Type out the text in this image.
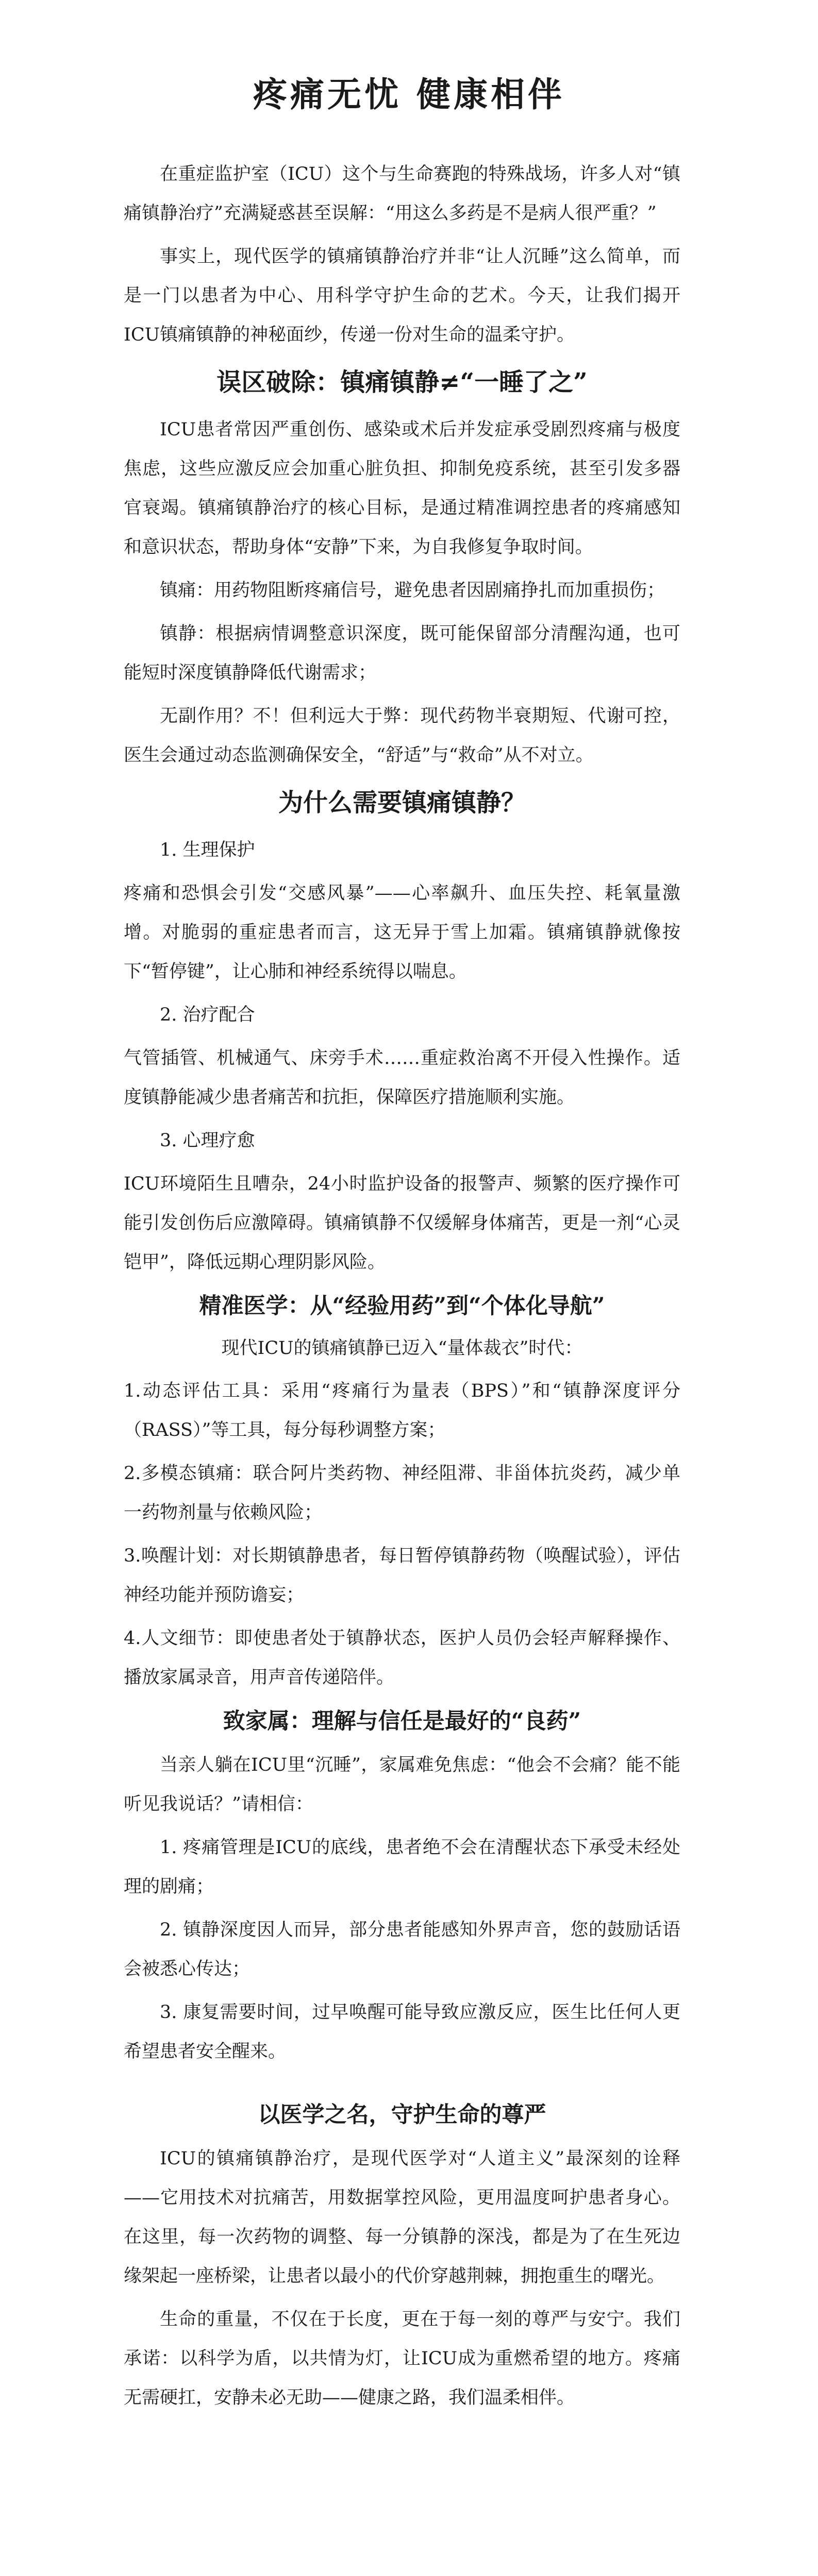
疼痛无忧 健康相伴

在重症监护室（ICU）这个与生命赛跑的特殊战场，许多人对“镇痛镇静治疗”充满疑惑甚至误解：“用这么多药是不是病人很严重？”

事实上，现代医学的镇痛镇静治疗并非“让人沉睡”这么简单，而是一门以患者为中心、用科学守护生命的艺术。今天，让我们揭开ICU镇痛镇静的神秘面纱，传递一份对生命的温柔守护。

误区破除：镇痛镇静≠“一睡了之”

ICU患者常因严重创伤、感染或术后并发症承受剧烈疼痛与极度焦虑，这些应激反应会加重心脏负担、抑制免疫系统，甚至引发多器官衰竭。镇痛镇静治疗的核心目标，是通过精准调控患者的疼痛感知和意识状态，帮助身体“安静”下来，为自我修复争取时间。

镇痛：用药物阻断疼痛信号，避免患者因剧痛挣扎而加重损伤；

镇静：根据病情调整意识深度，既可能保留部分清醒沟通，也可能短时深度镇静降低代谢需求；

无副作用？不！但利远大于弊：现代药物半衰期短、代谢可控，医生会通过动态监测确保安全，“舒适”与“救命”从不对立。

为什么需要镇痛镇静？

1. 生理保护

疼痛和恐惧会引发“交感风暴”——心率飙升、血压失控、耗氧量激增。对脆弱的重症患者而言，这无异于雪上加霜。镇痛镇静就像按下“暂停键”，让心肺和神经系统得以喘息。

2. 治疗配合

气管插管、机械通气、床旁手术……重症救治离不开侵入性操作。适度镇静能减少患者痛苦和抗拒，保障医疗措施顺利实施。

3. 心理疗愈

ICU环境陌生且嘈杂，24小时监护设备的报警声、频繁的医疗操作可能引发创伤后应激障碍。镇痛镇静不仅缓解身体痛苦，更是一剂“心灵铠甲”，降低远期心理阴影风险。

精准医学：从“经验用药”到“个体化导航”
现代ICU的镇痛镇静已迈入“量体裁衣”时代：

1.动态评估工具：采用“疼痛行为量表（BPS）”和“镇静深度评分（RASS）”等工具，每分每秒调整方案；

2.多模态镇痛：联合阿片类药物、神经阻滞、非甾体抗炎药，减少单一药物剂量与依赖风险；

3.唤醒计划：对长期镇静患者，每日暂停镇静药物（唤醒试验），评估神经功能并预防谵妄；

4.人文细节：即使患者处于镇静状态，医护人员仍会轻声解释操作、播放家属录音，用声音传递陪伴。

致家属：理解与信任是最好的“良药”

当亲人躺在ICU里“沉睡”，家属难免焦虑：“他会不会痛？能不能听见我说话？”请相信：

1. 疼痛管理是ICU的底线，患者绝不会在清醒状态下承受未经处理的剧痛；

2. 镇静深度因人而异，部分患者能感知外界声音，您的鼓励话语会被悉心传达；

3. 康复需要时间，过早唤醒可能导致应激反应，医生比任何人更希望患者安全醒来。

以医学之名，守护生命的尊严

ICU的镇痛镇静治疗，是现代医学对“人道主义”最深刻的诠释——它用技术对抗痛苦，用数据掌控风险，更用温度呵护患者身心。在这里，每一次药物的调整、每一分镇静的深浅，都是为了在生死边缘架起一座桥梁，让患者以最小的代价穿越荆棘，拥抱重生的曙光。

生命的重量，不仅在于长度，更在于每一刻的尊严与安宁。我们承诺：以科学为盾，以共情为灯，让ICU成为重燃希望的地方。疼痛无需硬扛，安静未必无助——健康之路，我们温柔相伴。
